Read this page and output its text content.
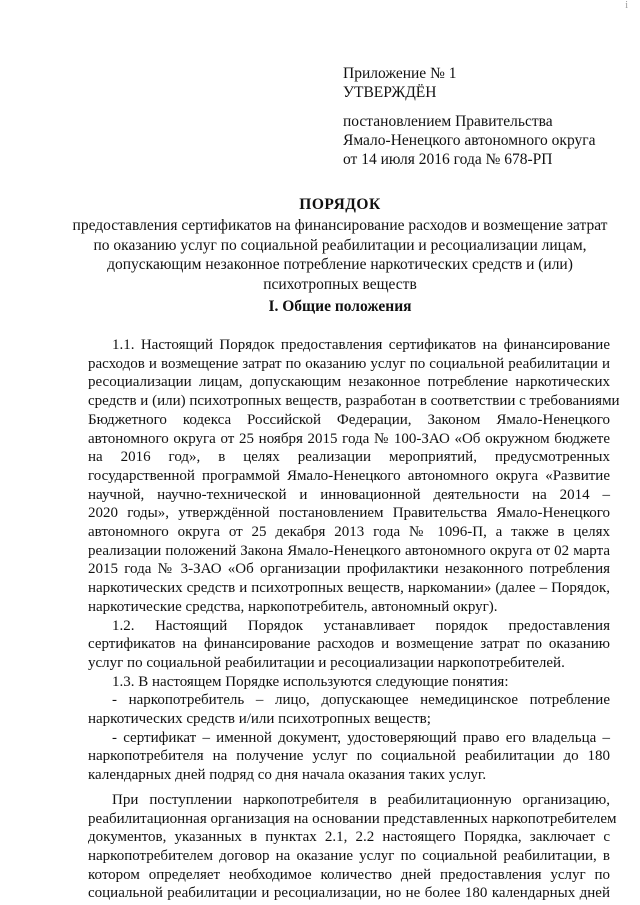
i
Приложение № 1
УТВЕРЖДЁН
постановлением Правительства
Ямало-Ненецкого автономного округа
от 14 июля 2016 года № 678-РП
ПОРЯДОК
предоставления сертификатов на финансирование расходов и возмещение затрат
по оказанию услуг по социальной реабилитации и ресоциализации лицам,
допускающим незаконное потребление наркотических средств и (или)
психотропных веществ
I. Общие положения
1.1. Настоящий Порядок предоставления сертификатов на финансирование
расходов и возмещение затрат по оказанию услуг по социальной реабилитации и
ресоциализации лицам, допускающим незаконное потребление наркотических
средств и (или) психотропных веществ, разработан в соответствии с требованиями
Бюджетного кодекса Российской Федерации, Законом Ямало-Ненецкого
автономного округа от 25 ноября 2015 года № 100-ЗАО «Об окружном бюджете
на 2016 год», в целях реализации мероприятий, предусмотренных
государственной программой Ямало-Ненецкого автономного округа «Развитие
научной, научно-технической и инновационной деятельности на 2014 –
2020 годы», утверждённой постановлением Правительства Ямало-Ненецкого
автономного округа от 25 декабря 2013 года № 1096-П, а также в целях
реализации положений Закона Ямало-Ненецкого автономного округа от 02 марта
2015 года № 3-ЗАО «Об организации профилактики незаконного потребления
наркотических средств и психотропных веществ, наркомании» (далее – Порядок,
наркотические средства, наркопотребитель, автономный округ).
1.2. Настоящий Порядок устанавливает порядок предоставления
сертификатов на финансирование расходов и возмещение затрат по оказанию
услуг по социальной реабилитации и ресоциализации наркопотребителей.
1.3. В настоящем Порядке используются следующие понятия:
- наркопотребитель – лицо, допускающее немедицинское потребление
наркотических средств и/или психотропных веществ;
- сертификат – именной документ, удостоверяющий право его владельца –
наркопотребителя на получение услуг по социальной реабилитации до 180
календарных дней подряд со дня начала оказания таких услуг.
При поступлении наркопотребителя в реабилитационную организацию,
реабилитационная организация на основании представленных наркопотребителем
документов, указанных в пунктах 2.1, 2.2 настоящего Порядка, заключает с
наркопотребителем договор на оказание услуг по социальной реабилитации, в
котором определяет необходимое количество дней предоставления услуг по
социальной реабилитации и ресоциализации, но не более 180 календарных дней
